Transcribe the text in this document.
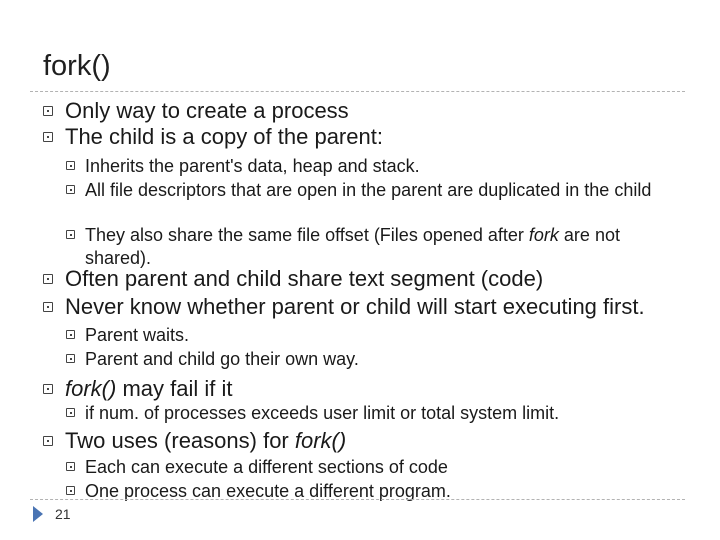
fork()
Only way to create a process
The child is a copy of the parent:
Inherits the parent's data, heap and stack.
All file descriptors that are open in the parent are duplicated in the child
They also share the same file offset (Files opened after fork are not shared).
Often parent and child share text segment (code)
Never know whether parent or child will start executing first.
Parent waits.
Parent and child go their own way.
fork() may fail if it
if num. of processes exceeds user limit or total system limit.
Two uses (reasons) for fork()
Each can execute a different sections of code
One process can execute a different program.
21
